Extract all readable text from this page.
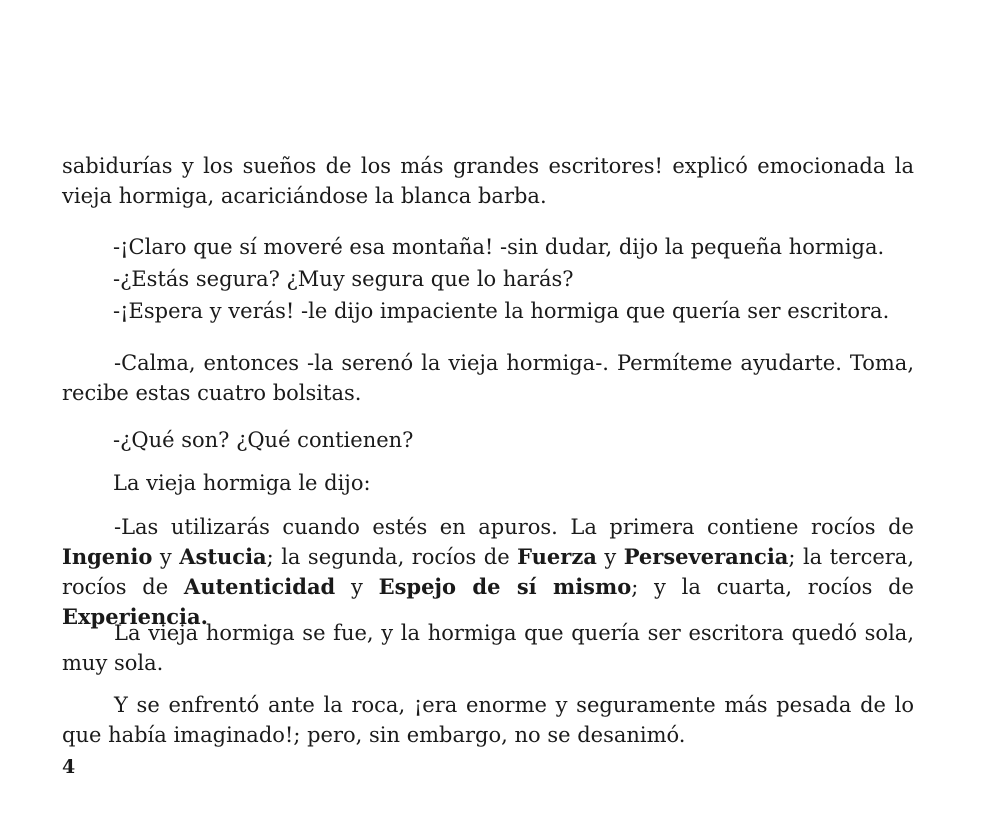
sabidurías y los sueños de los más grandes escritores! explicó emocionada la vieja hormiga, acariciándose la blanca barba.

-¡Claro que sí moveré esa montaña! -sin dudar, dijo la pequeña hormiga.

-¿Estás segura? ¿Muy segura que lo harás?

-¡Espera y verás! -le dijo impaciente la hormiga que quería ser escritora.

-Calma, entonces -la serenó la vieja hormiga-. Permíteme ayudarte. Toma, recibe estas cuatro bolsitas.

-¿Qué son? ¿Qué contienen?

La vieja hormiga le dijo:

-Las utilizarás cuando estés en apuros. La primera contiene rocíos de Ingenio y Astucia; la segunda, rocíos de Fuerza y Perseverancia; la tercera, rocíos de Autenticidad y Espejo de sí mismo; y la cuarta, rocíos de Experiencia.

La vieja hormiga se fue, y la hormiga que quería ser escritora quedó sola, muy sola.

Y se enfrentó ante la roca, ¡era enorme y seguramente más pesada de lo que había imaginado!; pero, sin embargo, no se desanimó.

4
